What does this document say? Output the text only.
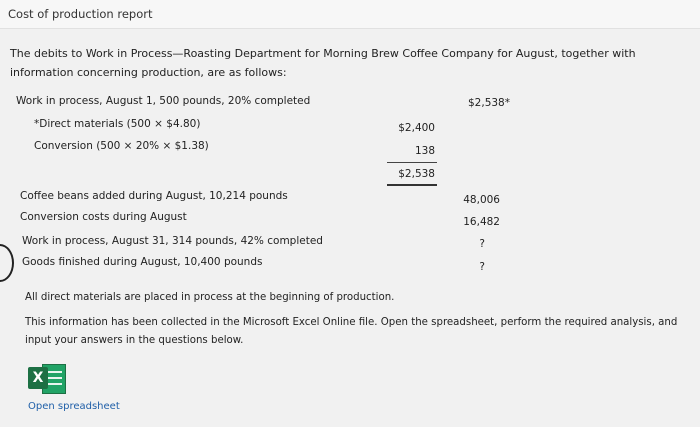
Cost of production report
The debits to Work in Process—Roasting Department for Morning Brew Coffee Company for August, together with information concerning production, are as follows:
Work in process, August 1, 500 pounds, 20% completed	$2,538*
*Direct materials (500 × $4.80)	$2,400
Conversion (500 × 20% × $1.38)	138
$2,538
Coffee beans added during August, 10,214 pounds	48,006
Conversion costs during August	16,482
Work in process, August 31, 314 pounds, 42% completed	?
Goods finished during August, 10,400 pounds	?
All direct materials are placed in process at the beginning of production.
This information has been collected in the Microsoft Excel Online file. Open the spreadsheet, perform the required analysis, and input your answers in the questions below.
X
Open spreadsheet
